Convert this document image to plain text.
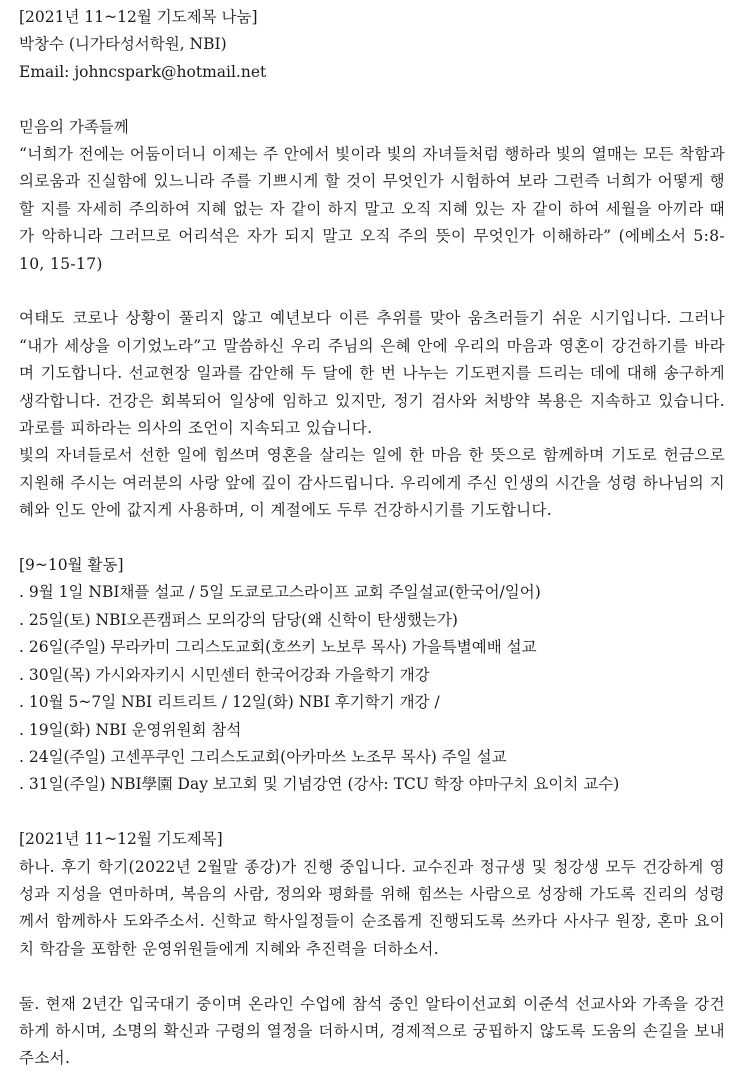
[2021년 11~12월 기도제목 나눔]
박창수 (니가타성서학원, NBI)
Email: johncspark@hotmail.net
믿음의 가족들께
“너희가 전에는 어둠이더니 이제는 주 안에서 빛이라 빛의 자녀들처럼 행하라 빛의 열매는 모든 착함과 의로움과 진실함에 있느니라 주를 기쁘시게 할 것이 무엇인가 시험하여 보라 그런즉 너희가 어떻게 행할 지를 자세히 주의하여 지혜 없는 자 같이 하지 말고 오직 지혜 있는 자 같이 하여 세월을 아끼라 때가 악하니라 그러므로 어리석은 자가 되지 말고 오직 주의 뜻이 무엇인가 이해하라” (에베소서 5:8-10, 15-17)
여태도 코로나 상황이 풀리지 않고 예년보다 이른 추위를 맞아 움츠러들기 쉬운 시기입니다. 그러나 “내가 세상을 이기었노라”고 말씀하신 우리 주님의 은혜 안에 우리의 마음과 영혼이 강건하기를 바라며 기도합니다. 선교현장 일과를 감안해 두 달에 한 번 나누는 기도편지를 드리는 데에 대해 송구하게 생각합니다. 건강은 회복되어 일상에 임하고 있지만, 정기 검사와 처방약 복용은 지속하고 있습니다. 과로를 피하라는 의사의 조언이 지속되고 있습니다.
빛의 자녀들로서 선한 일에 힘쓰며 영혼을 살리는 일에 한 마음 한 뜻으로 함께하며 기도로 헌금으로 지원해 주시는 여러분의 사랑 앞에 깊이 감사드립니다. 우리에게 주신 인생의 시간을 성령 하나님의 지혜와 인도 안에 값지게 사용하며, 이 계절에도 두루 건강하시기를 기도합니다.
[9~10월 활동]
. 9월 1일 NBI채플 설교 / 5일 도쿄로고스라이프 교회 주일설교(한국어/일어)
. 25일(토) NBI오픈캠퍼스 모의강의 담당(왜 신학이 탄생했는가)
. 26일(주일) 무라카미 그리스도교회(호쓰키 노보루 목사) 가을특별예배 설교
. 30일(목) 가시와자키시 시민센터 한국어강좌 가을학기 개강
. 10월 5~7일 NBI 리트리트 / 12일(화) NBI 후기학기 개강 /
. 19일(화) NBI 운영위원회 참석
. 24일(주일) 고센푸쿠인 그리스도교회(아카마쓰 노조무 목사) 주일 설교
. 31일(주일) NBI學園 Day 보고회 및 기념강연 (강사: TCU 학장 야마구치 요이치 교수)
[2021년 11~12월 기도제목]
하나. 후기 학기(2022년 2월말 종강)가 진행 중입니다. 교수진과 정규생 및 청강생 모두 건강하게 영성과 지성을 연마하며, 복음의 사람, 정의와 평화를 위해 힘쓰는 사람으로 성장해 가도록 진리의 성령께서 함께하사 도와주소서. 신학교 학사일정들이 순조롭게 진행되도록 쓰카다 사사구 원장, 혼마 요이치 학감을 포함한 운영위원들에게 지혜와 추진력을 더하소서.
둘. 현재 2년간 입국대기 중이며 온라인 수업에 참석 중인 알타이선교회 이준석 선교사와 가족을 강건하게 하시며, 소명의 확신과 구령의 열정을 더하시며, 경제적으로 궁핍하지 않도록 도움의 손길을 보내주소서.
